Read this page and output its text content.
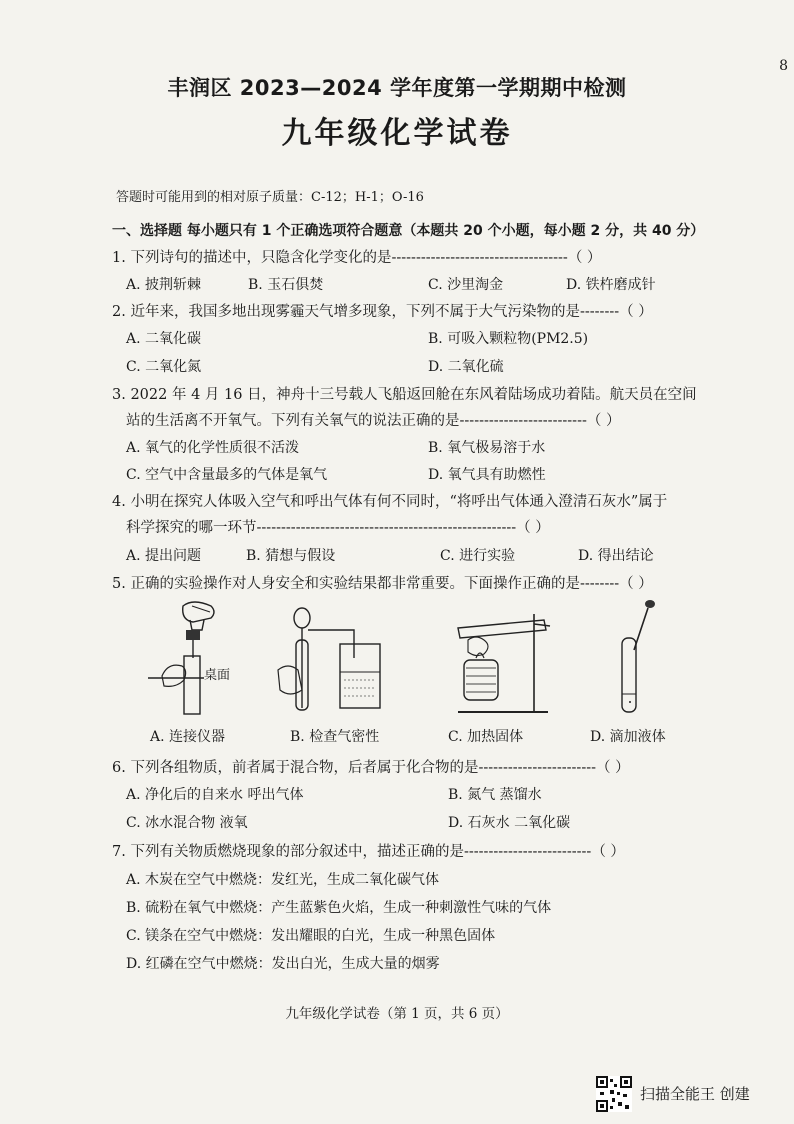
8
丰润区 2023—2024 学年度第一学期期中检测
九年级化学试卷
答题时可能用到的相对原子质量：C-12；H-1；O-16
一、选择题 每小题只有 1 个正确选项符合题意（本题共 20 个小题，每小题 2 分，共 40 分）
1. 下列诗句的描述中，只隐含化学变化的是------------------------------------（ ）
A. 披荆斩棘	B. 玉石俱焚	C. 沙里淘金	D. 铁杵磨成针
2. 近年来，我国多地出现雾霾天气增多现象，下列不属于大气污染物的是--------（ ）
A. 二氧化碳	B. 可吸入颗粒物(PM2.5)
C. 二氧化氮	D. 二氧化硫
3. 2022 年 4 月 16 日，神舟十三号载人飞船返回舱在东风着陆场成功着陆。航天员在空间
站的生活离不开氧气。下列有关氧气的说法正确的是--------------------------（ ）
A. 氧气的化学性质很不活泼	B. 氧气极易溶于水
C. 空气中含量最多的气体是氧气	D. 氧气具有助燃性
4. 小明在探究人体吸入空气和呼出气体有何不同时，“将呼出气体通入澄清石灰水”属于
科学探究的哪一环节-----------------------------------------------------（ ）
A. 提出问题	B. 猜想与假设	C. 进行实验	D. 得出结论
5. 正确的实验操作对人身安全和实验结果都非常重要。下面操作正确的是--------（ ）
桌面
A. 连接仪器	B. 检查气密性	C. 加热固体	D. 滴加液体
6. 下列各组物质，前者属于混合物，后者属于化合物的是------------------------（ ）
A. 净化后的自来水 呼出气体	B. 氮气 蒸馏水
C. 冰水混合物 液氧	D. 石灰水 二氧化碳
7. 下列有关物质燃烧现象的部分叙述中，描述正确的是--------------------------（ ）
A. 木炭在空气中燃烧：发红光，生成二氧化碳气体
B. 硫粉在氧气中燃烧：产生蓝紫色火焰，生成一种刺激性气味的气体
C. 镁条在空气中燃烧：发出耀眼的白光，生成一种黑色固体
D. 红磷在空气中燃烧：发出白光，生成大量的烟雾
九年级化学试卷（第 1 页，共 6 页）
扫描全能王 创建
